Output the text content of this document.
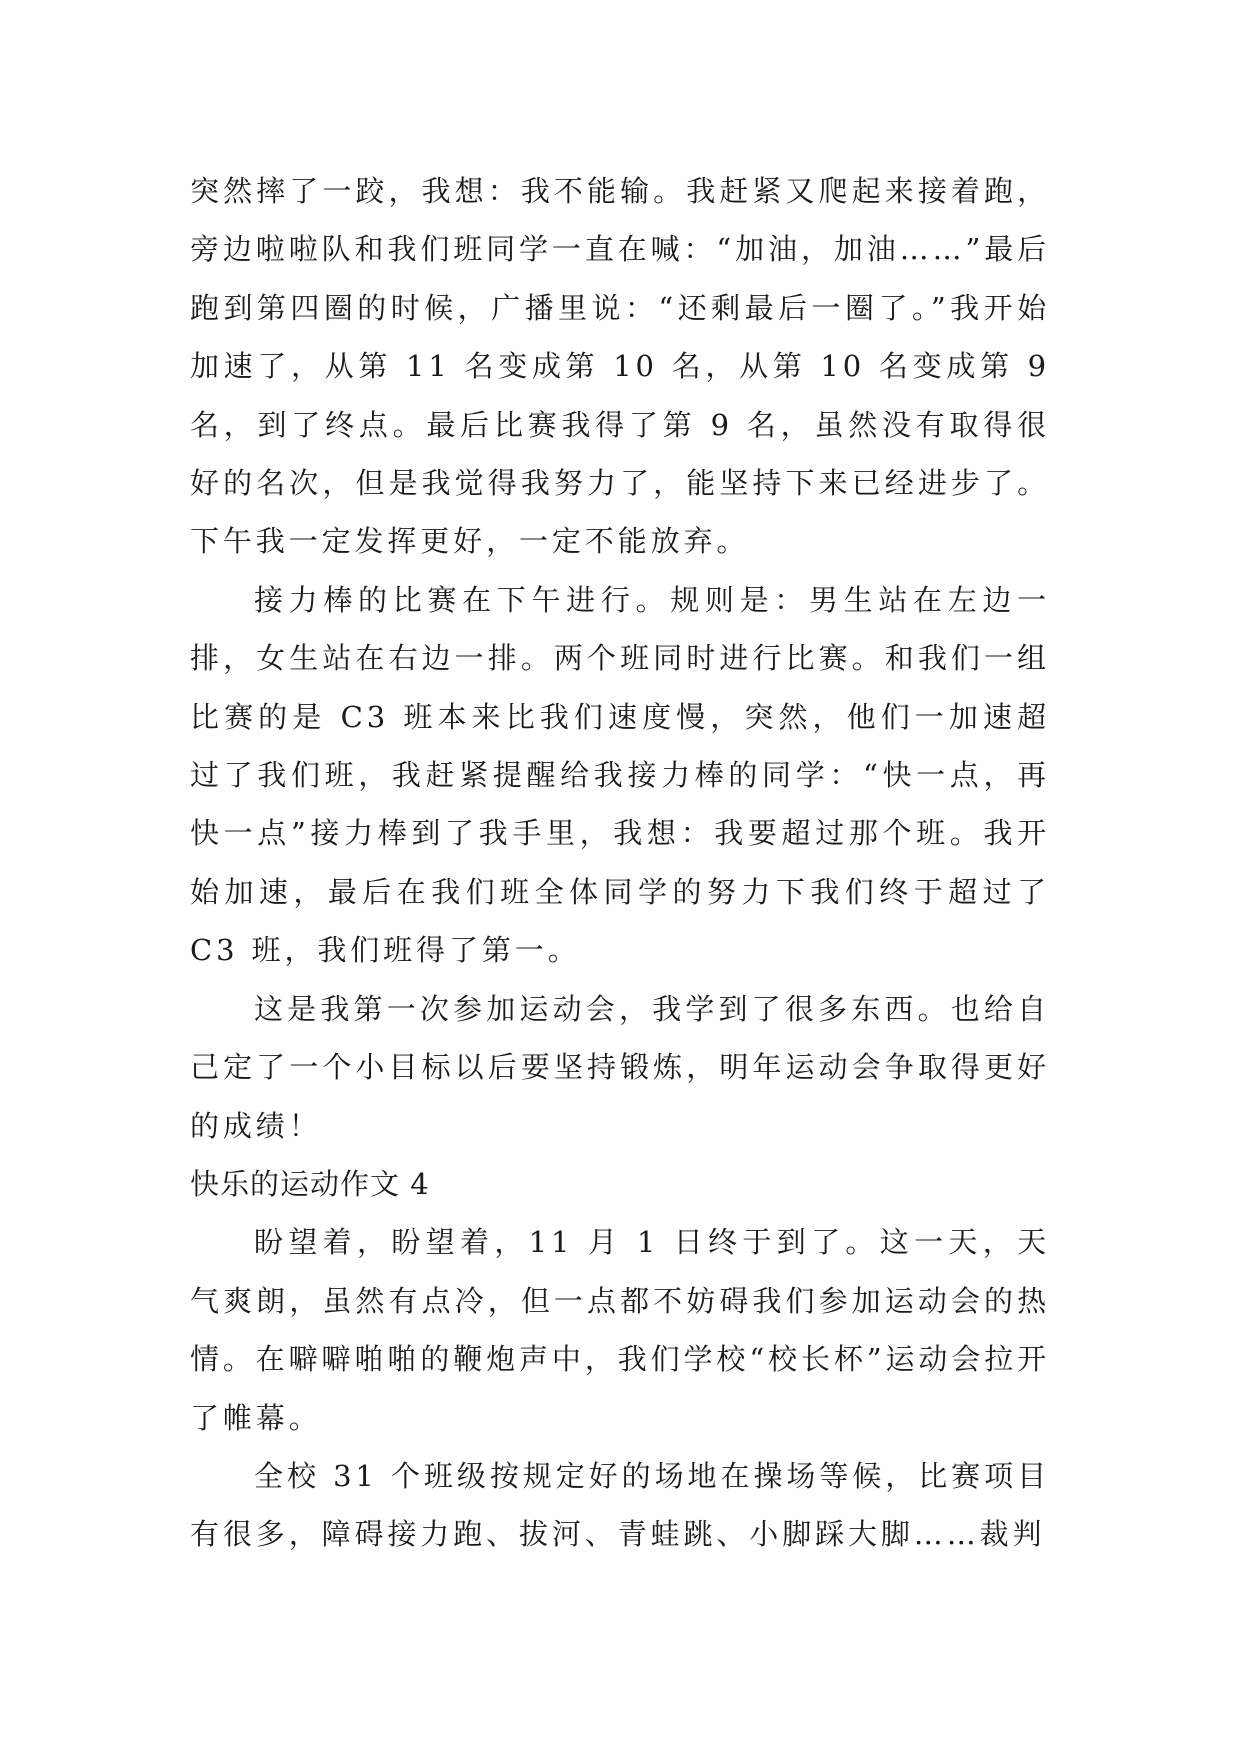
突然摔了一跤，我想：我不能输。我赶紧又爬起来接着跑，旁边啦啦队和我们班同学一直在喊：“加油，加油……”最后跑到第四圈的时候，广播里说：“还剩最后一圈了。”我开始加速了，从第 11 名变成第 10 名，从第 10 名变成第 9 名，到了终点。最后比赛我得了第 9 名，虽然没有取得很好的名次，但是我觉得我努力了，能坚持下来已经进步了。下午我一定发挥更好，一定不能放弃。

接力棒的比赛在下午进行。规则是：男生站在左边一排，女生站在右边一排。两个班同时进行比赛。和我们一组比赛的是 C3 班本来比我们速度慢，突然，他们一加速超过了我们班，我赶紧提醒给我接力棒的同学：“快一点，再快一点”接力棒到了我手里，我想：我要超过那个班。我开始加速，最后在我们班全体同学的努力下我们终于超过了 C3 班，我们班得了第一。

这是我第一次参加运动会，我学到了很多东西。也给自己定了一个小目标以后要坚持锻炼，明年运动会争取得更好的成绩！

快乐的运动作文 4

盼望着，盼望着，11 月 1 日终于到了。这一天，天气爽朗，虽然有点冷，但一点都不妨碍我们参加运动会的热情。在噼噼啪啪的鞭炮声中，我们学校“校长杯”运动会拉开了帷幕。

全校 31 个班级按规定好的场地在操场等候，比赛项目有很多，障碍接力跑、拔河、青蛙跳、小脚踩大脚……裁判
